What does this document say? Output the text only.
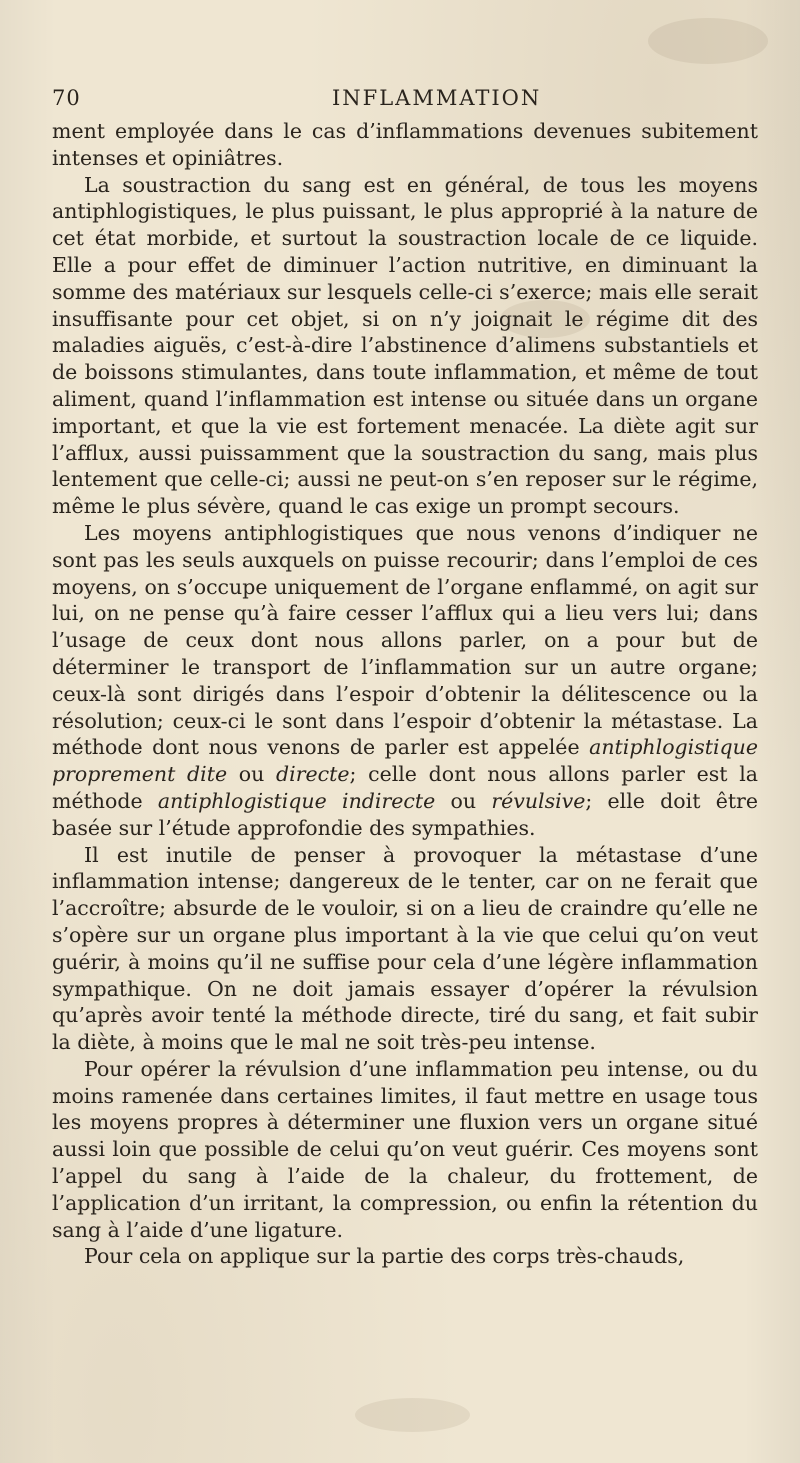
70	INFLAMMATION

ment employée dans le cas d’inflammations devenues subitement intenses et opiniâtres.

La soustraction du sang est en général, de tous les moyens antiphlogistiques, le plus puissant, le plus approprié à la nature de cet état morbide, et surtout la soustraction locale de ce liquide. Elle a pour effet de diminuer l’action nutritive, en diminuant la somme des matériaux sur lesquels celle-ci s’exerce; mais elle serait insuffisante pour cet objet, si on n’y joignait le régime dit des maladies aiguës, c’est-à-dire l’abstinence d’alimens substantiels et de boissons stimulantes, dans toute inflammation, et même de tout aliment, quand l’inflammation est intense ou située dans un organe important, et que la vie est fortement menacée. La diète agit sur l’afflux, aussi puissamment que la soustraction du sang, mais plus lentement que celle-ci; aussi ne peut-on s’en reposer sur le régime, même le plus sévère, quand le cas exige un prompt secours.

Les moyens antiphlogistiques que nous venons d’indiquer ne sont pas les seuls auxquels on puisse recourir; dans l’emploi de ces moyens, on s’occupe uniquement de l’organe enflammé, on agit sur lui, on ne pense qu’à faire cesser l’afflux qui a lieu vers lui; dans l’usage de ceux dont nous allons parler, on a pour but de déterminer le transport de l’inflammation sur un autre organe; ceux-là sont dirigés dans l’espoir d’obtenir la délitescence ou la résolution; ceux-ci le sont dans l’espoir d’obtenir la métastase. La méthode dont nous venons de parler est appelée antiphlogistique proprement dite ou directe; celle dont nous allons parler est la méthode antiphlogistique indirecte ou révulsive; elle doit être basée sur l’étude approfondie des sympathies.

Il est inutile de penser à provoquer la métastase d’une inflammation intense; dangereux de le tenter, car on ne ferait que l’accroître; absurde de le vouloir, si on a lieu de craindre qu’elle ne s’opère sur un organe plus important à la vie que celui qu’on veut guérir, à moins qu’il ne suffise pour cela d’une légère inflammation sympathique. On ne doit jamais essayer d’opérer la révulsion qu’après avoir tenté la méthode directe, tiré du sang, et fait subir la diète, à moins que le mal ne soit très-peu intense.

Pour opérer la révulsion d’une inflammation peu intense, ou du moins ramenée dans certaines limites, il faut mettre en usage tous les moyens propres à déterminer une fluxion vers un organe situé aussi loin que possible de celui qu’on veut guérir. Ces moyens sont l’appel du sang à l’aide de la chaleur, du frottement, de l’application d’un irritant, la compression, ou enfin la rétention du sang à l’aide d’une ligature.

Pour cela on applique sur la partie des corps très-chauds,
